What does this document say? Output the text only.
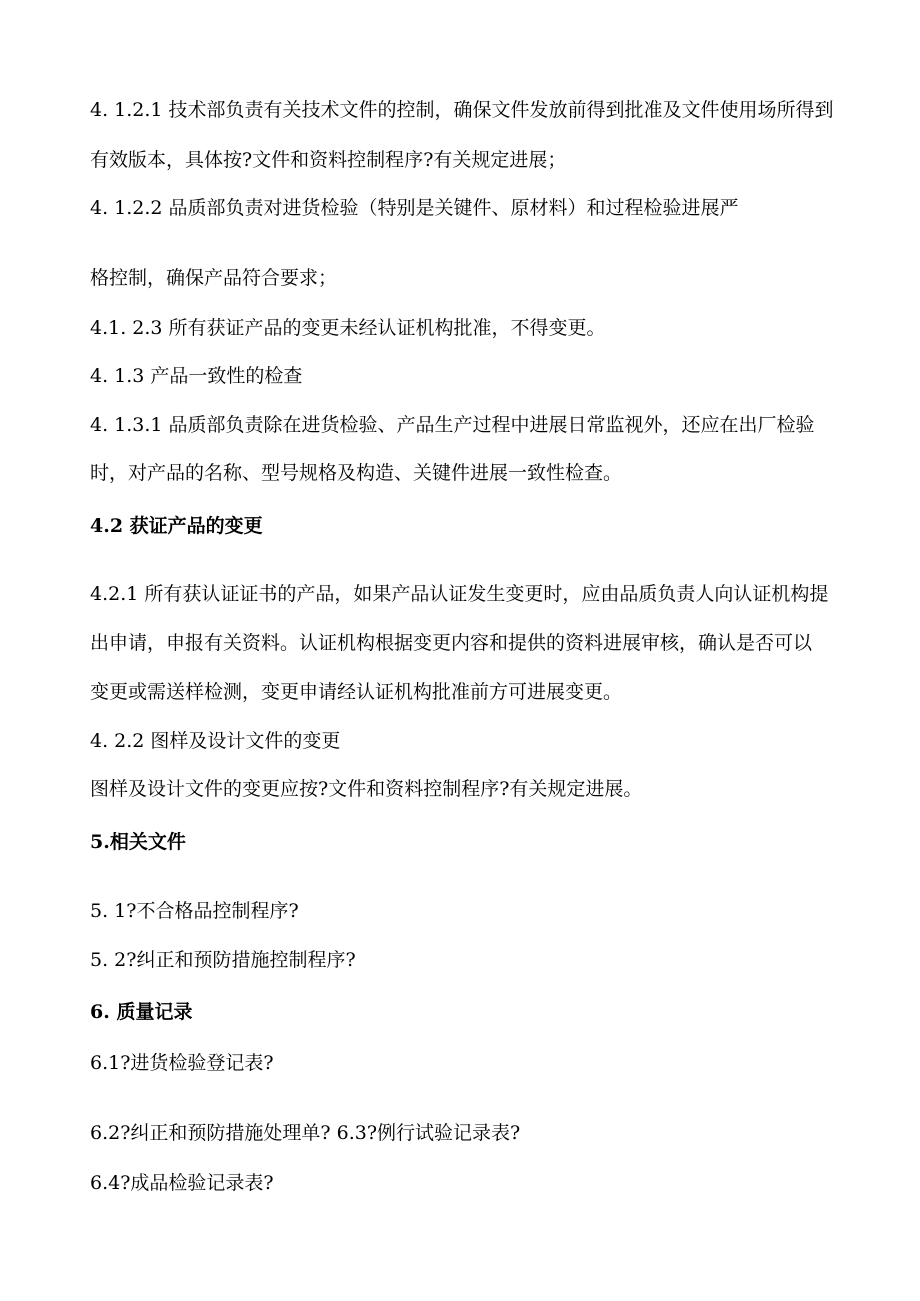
4. 1.2.1 技术部负责有关技术文件的控制，确保文件发放前得到批准及文件使用场所得到
有效版本，具体按?文件和资料控制程序?有关规定进展；
4. 1.2.2 品质部负责对进货检验（特别是关键件、原材料）和过程检验进展严
格控制，确保产品符合要求；
4.1. 2.3 所有获证产品的变更未经认证机构批准，不得变更。
4. 1.3 产品一致性的检查
4. 1.3.1 品质部负责除在进货检验、产品生产过程中进展日常监视外，还应在出厂检验
时，对产品的名称、型号规格及构造、关键件进展一致性检查。
4.2 获证产品的变更
4.2.1 所有获认证证书的产品，如果产品认证发生变更时，应由品质负责人向认证机构提
出申请，申报有关资料。认证机构根据变更内容和提供的资料进展审核，确认是否可以
变更或需送样检测，变更申请经认证机构批准前方可进展变更。
4. 2.2 图样及设计文件的变更
图样及设计文件的变更应按?文件和资料控制程序?有关规定进展。
5.相关文件
5. 1?不合格品控制程序?
5. 2?纠正和预防措施控制程序?
6. 质量记录
6.1?进货检验登记表?
6.2?纠正和预防措施处理单? 6.3?例行试验记录表?
6.4?成品检验记录表?
